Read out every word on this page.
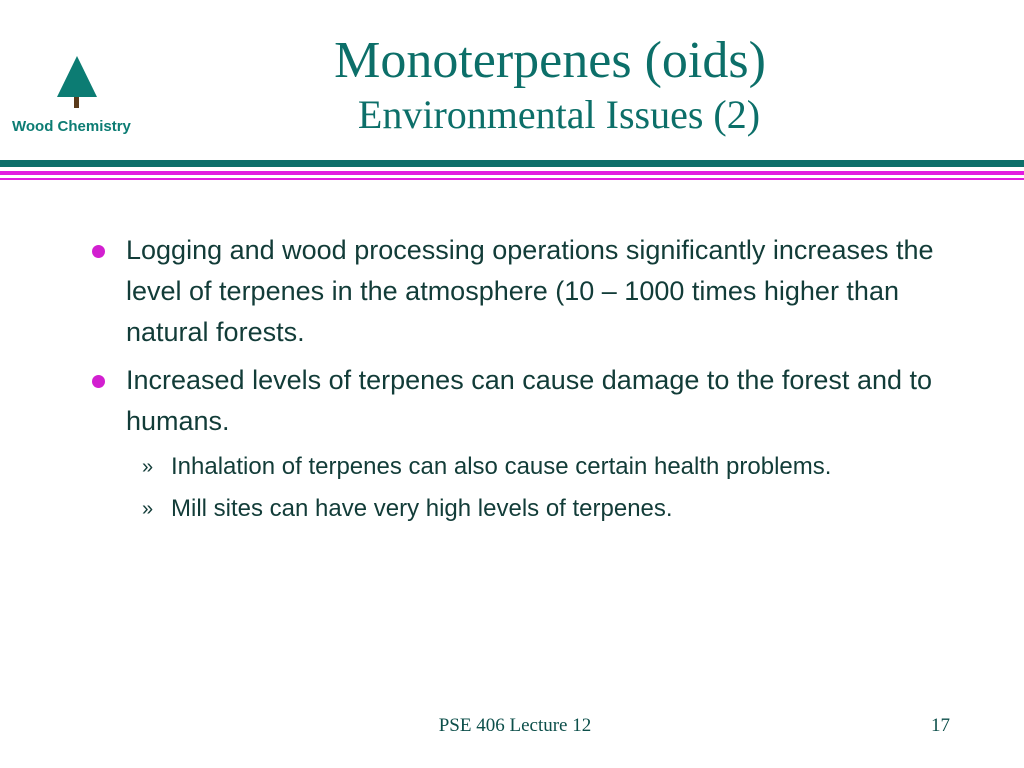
Wood Chemistry
Monoterpenes (oids)
Environmental Issues (2)
Logging and wood processing operations significantly increases the level of terpenes in the atmosphere (10 – 1000 times higher than natural forests.
Increased levels of terpenes can cause damage to the forest and to humans.
» Inhalation of terpenes can also cause certain health problems.
» Mill sites can have very high levels of terpenes.
PSE 406 Lecture 12	17
